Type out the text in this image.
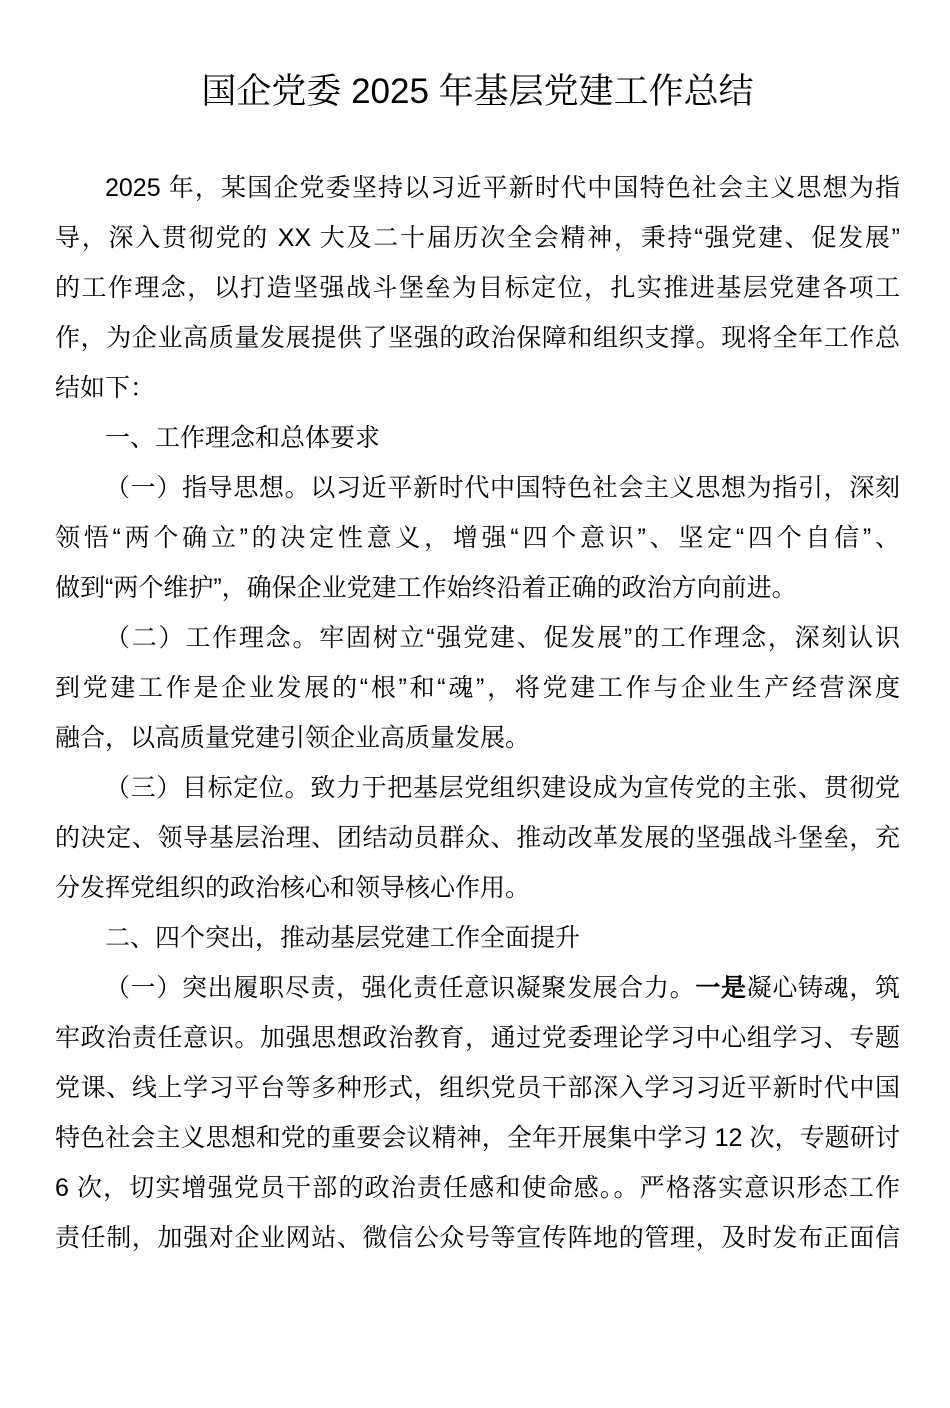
国企党委 2025 年基层党建工作总结
2025 年，某国企党委坚持以习近平新时代中国特色社会主义思想为指
导，深入贯彻党的 XX 大及二十届历次全会精神，秉持“强党建、促发展”
的工作理念，以打造坚强战斗堡垒为目标定位，扎实推进基层党建各项工
作，为企业高质量发展提供了坚强的政治保障和组织支撑。现将全年工作总
结如下：
一、工作理念和总体要求
（一）指导思想。以习近平新时代中国特色社会主义思想为指引，深刻
领悟“两个确立”的决定性意义，增强“四个意识”、坚定“四个自信”、
做到“两个维护”，确保企业党建工作始终沿着正确的政治方向前进。
（二）工作理念。牢固树立“强党建、促发展”的工作理念，深刻认识
到党建工作是企业发展的“根”和“魂”，将党建工作与企业生产经营深度
融合，以高质量党建引领企业高质量发展。
（三）目标定位。致力于把基层党组织建设成为宣传党的主张、贯彻党
的决定、领导基层治理、团结动员群众、推动改革发展的坚强战斗堡垒，充
分发挥党组织的政治核心和领导核心作用。
二、四个突出，推动基层党建工作全面提升
（一）突出履职尽责，强化责任意识凝聚发展合力。一是凝心铸魂，筑
牢政治责任意识。加强思想政治教育，通过党委理论学习中心组学习、专题
党课、线上学习平台等多种形式，组织党员干部深入学习习近平新时代中国
特色社会主义思想和党的重要会议精神，全年开展集中学习 12 次，专题研讨
6 次，切实增强党员干部的政治责任感和使命感。。严格落实意识形态工作
责任制，加强对企业网站、微信公众号等宣传阵地的管理，及时发布正面信
